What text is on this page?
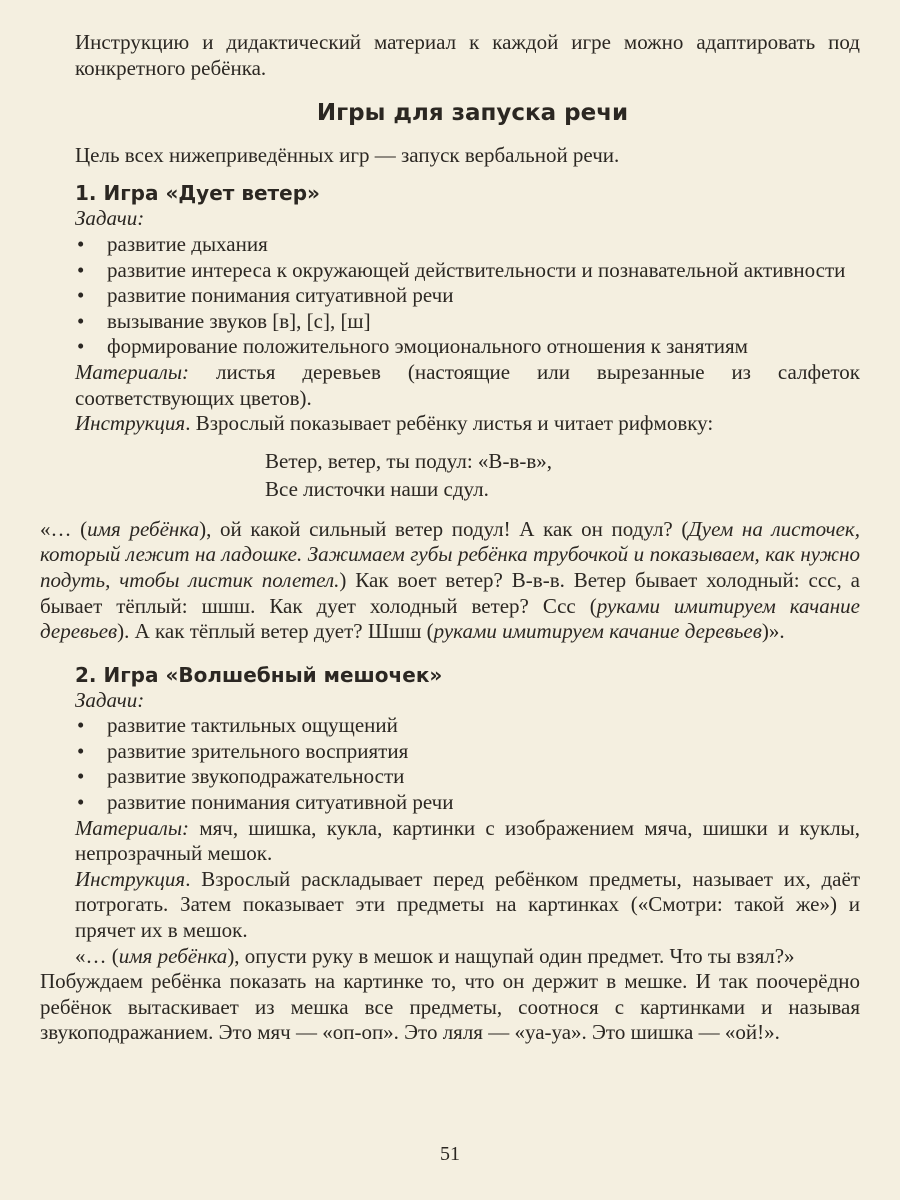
Инструкцию и дидактический материал к каждой игре можно адаптировать под конкретного ребёнка.

Игры для запуска речи

Цель всех нижеприведённых игр — запуск вербальной речи.

1. Игра «Дует ветер»

Задачи:

• развитие дыхания
• развитие интереса к окружающей действительности и познавательной активности
• развитие понимания ситуативной речи
• вызывание звуков [в], [с], [ш]
• формирование положительного эмоционального отношения к занятиям

Материалы: листья деревьев (настоящие или вырезанные из салфеток соответствующих цветов).

Инструкция. Взрослый показывает ребёнку листья и читает рифмовку:

Ветер, ветер, ты подул: «В-в-в»,
Все листочки наши сдул.

«… (имя ребёнка), ой какой сильный ветер подул! А как он подул? (Дуем на листочек, который лежит на ладошке. Зажимаем губы ребёнка трубочкой и показываем, как нужно подуть, чтобы листик полетел.) Как воет ветер? В-в-в. Ветер бывает холодный: ссс, а бывает тёплый: шшш. Как дует холодный ветер? Ссс (руками имитируем качание деревьев). А как тёплый ветер дует? Шшш (руками имитируем качание деревьев)».

2. Игра «Волшебный мешочек»

Задачи:

• развитие тактильных ощущений
• развитие зрительного восприятия
• развитие звукоподражательности
• развитие понимания ситуативной речи

Материалы: мяч, шишка, кукла, картинки с изображением мяча, шишки и куклы, непрозрачный мешок.

Инструкция. Взрослый раскладывает перед ребёнком предметы, называет их, даёт потрогать. Затем показывает эти предметы на картинках («Смотри: такой же») и прячет их в мешок.

«… (имя ребёнка), опусти руку в мешок и нащупай один предмет. Что ты взял?»

Побуждаем ребёнка показать на картинке то, что он держит в мешке. И так поочерёдно ребёнок вытаскивает из мешка все предметы, соотнося с картинками и называя звукоподражанием. Это мяч — «оп-оп». Это ляля — «уа-уа». Это шишка — «ой!».

51
